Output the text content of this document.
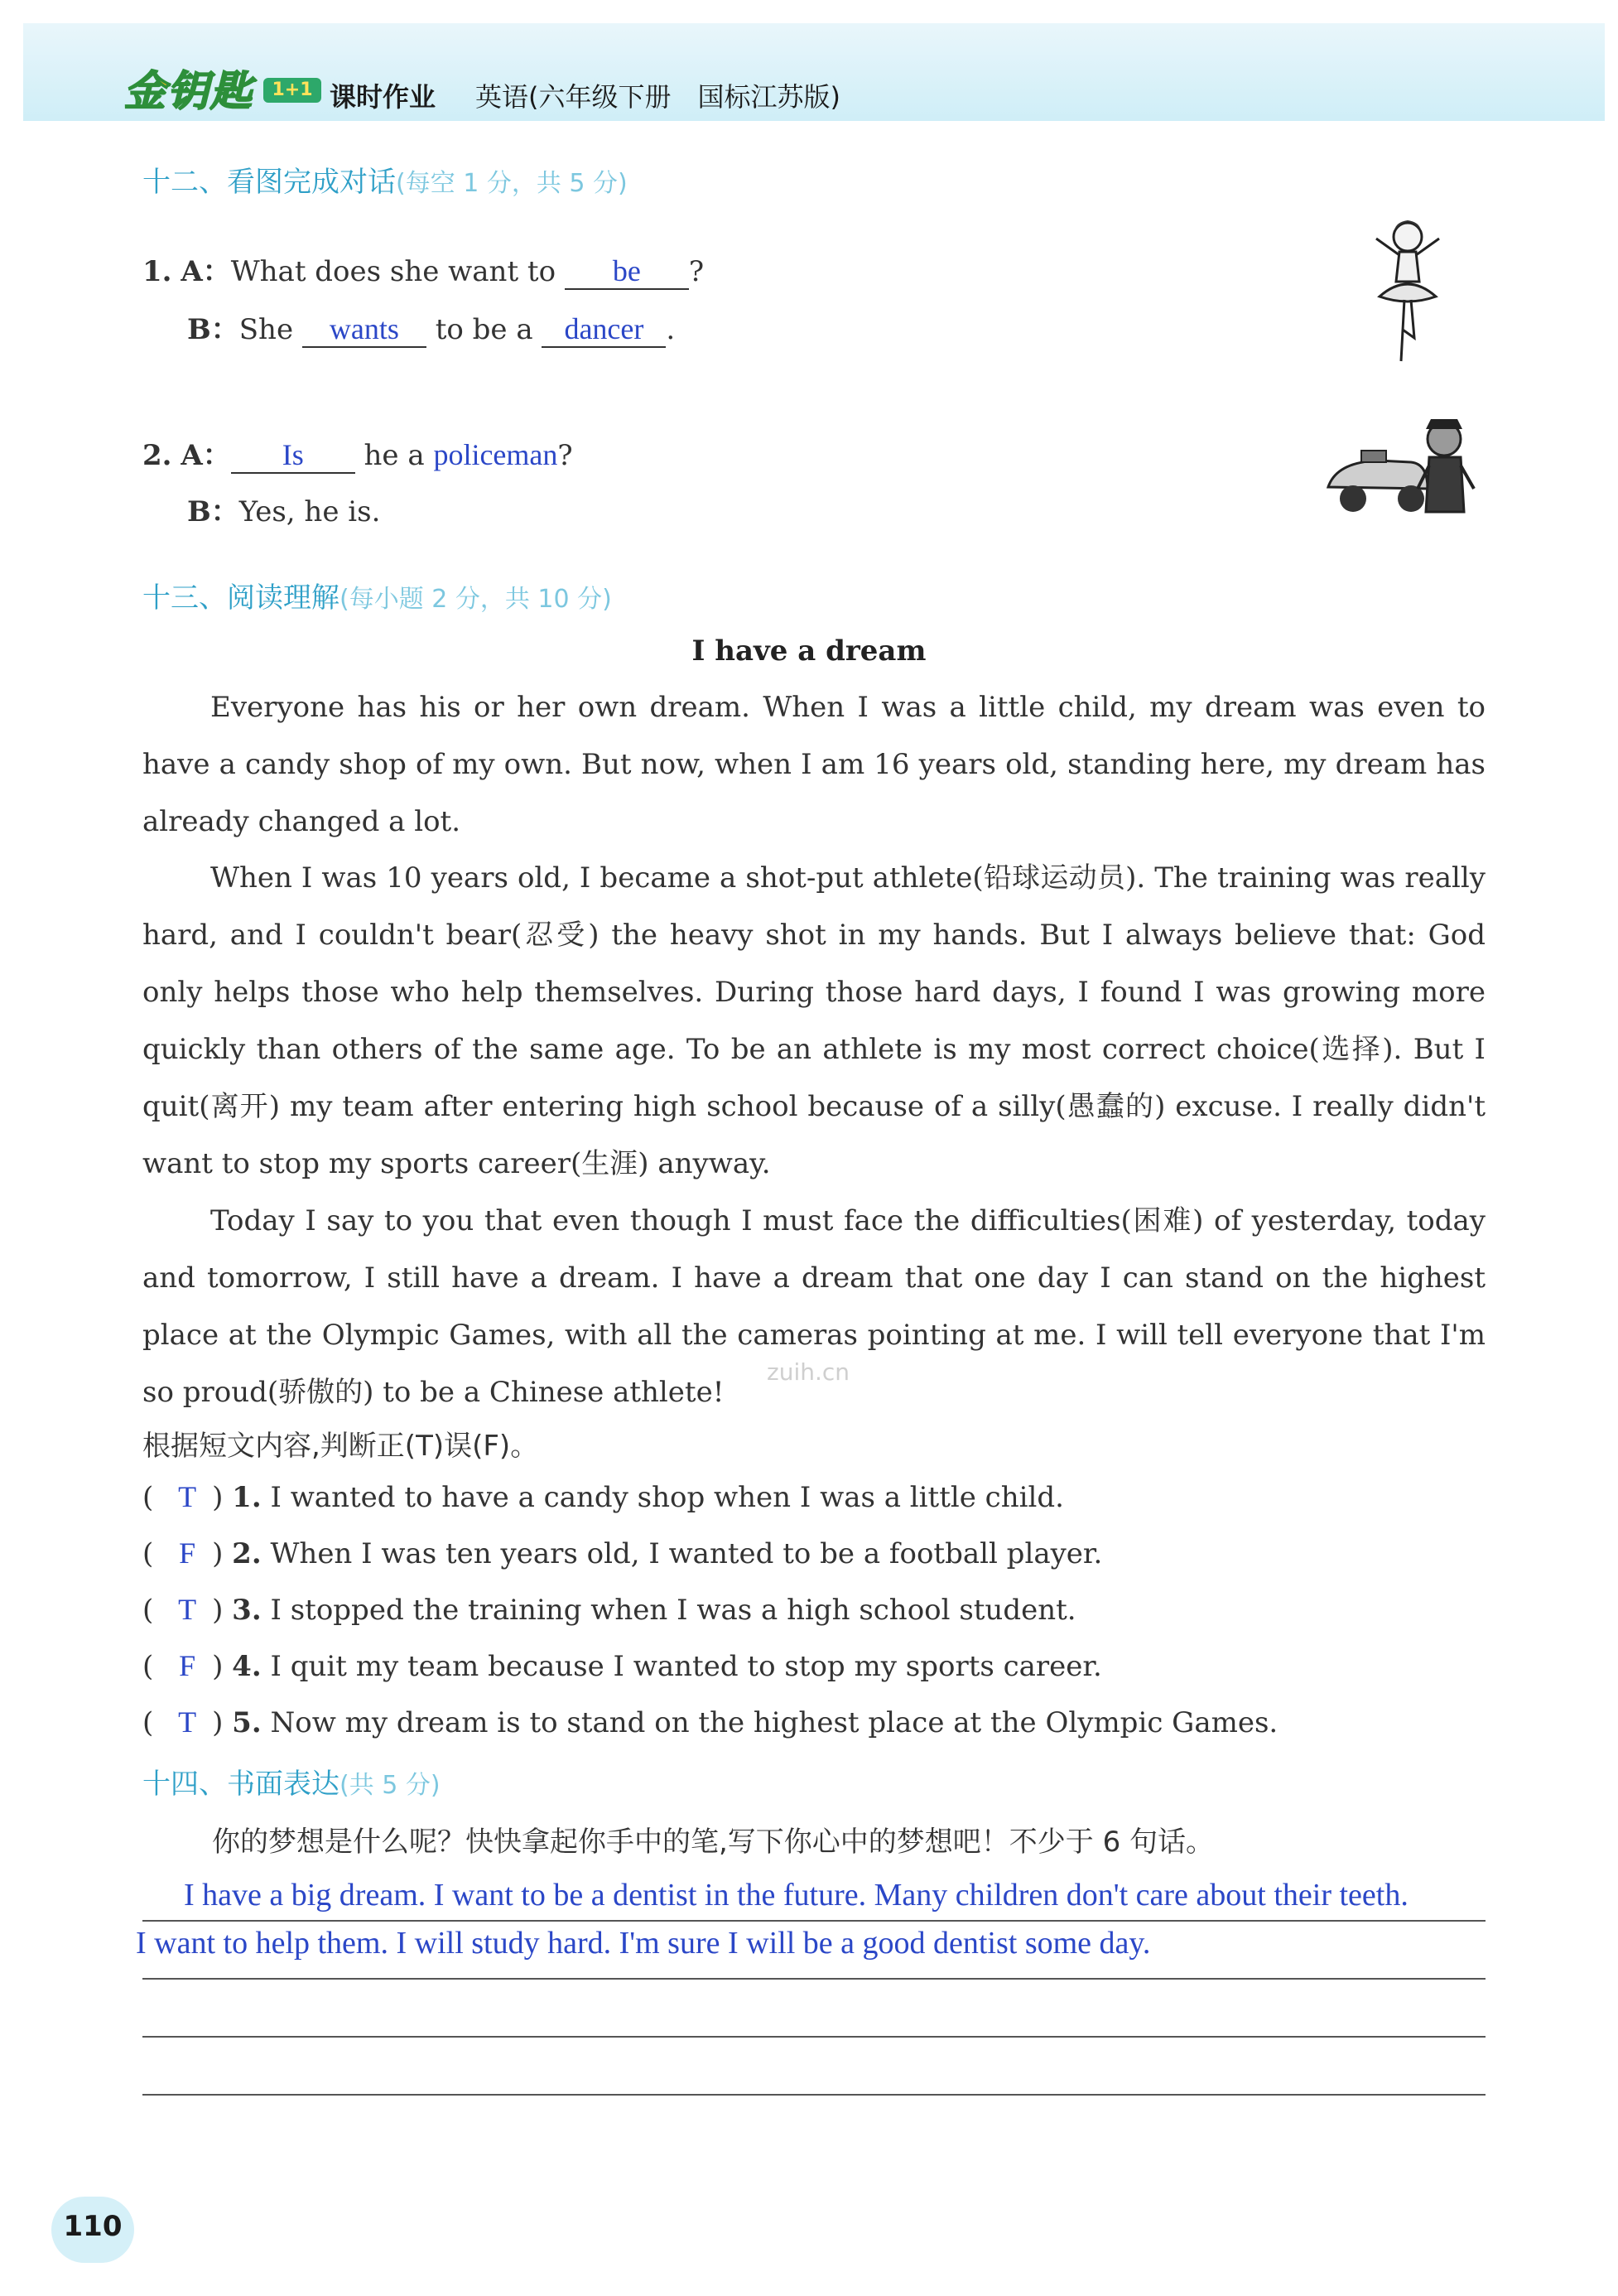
金钥匙	1+1 课时作业 英语(六年级下册　国标江苏版)
十二、看图完成对话(每空 1 分，共 5 分)
1. A：What does she want to be ?
B：She wants to be a dancer .
2. A： Is he a policeman?
B：Yes, he is.
十三、阅读理解(每小题 2 分，共 10 分)
I have a dream
Everyone has his or her own dream. When I was a little child, my dream was even to have a candy shop of my own. But now, when I am 16 years old, standing here, my dream has already changed a lot.
When I was 10 years old, I became a shot-put athlete(铅球运动员). The training was really hard, and I couldn't bear(忍受) the heavy shot in my hands. But I always believe that: God only helps those who help themselves. During those hard days, I found I was growing more quickly than others of the same age. To be an athlete is my most correct choice(选择). But I quit(离开) my team after entering high school because of a silly(愚蠢的) excuse. I really didn't want to stop my sports career(生涯) anyway.
Today I say to you that even though I must face the difficulties(困难) of yesterday, today and tomorrow, I still have a dream. I have a dream that one day I can stand on the highest place at the Olympic Games, with all the cameras pointing at me. I will tell everyone that I'm so proud(骄傲的) to be a Chinese athlete!
zuih.cn
根据短文内容,判断正(T)误(F)。
( T ) 1. I wanted to have a candy shop when I was a little child.
( F ) 2. When I was ten years old, I wanted to be a football player.
( T ) 3. I stopped the training when I was a high school student.
( F ) 4. I quit my team because I wanted to stop my sports career.
( T ) 5. Now my dream is to stand on the highest place at the Olympic Games.
十四、书面表达(共 5 分)
你的梦想是什么呢？快快拿起你手中的笔,写下你心中的梦想吧！不少于 6 句话。
I have a big dream. I want to be a dentist in the future. Many children don't care about their teeth.
I want to help them. I will study hard. I'm sure I will be a good dentist some day.
110
